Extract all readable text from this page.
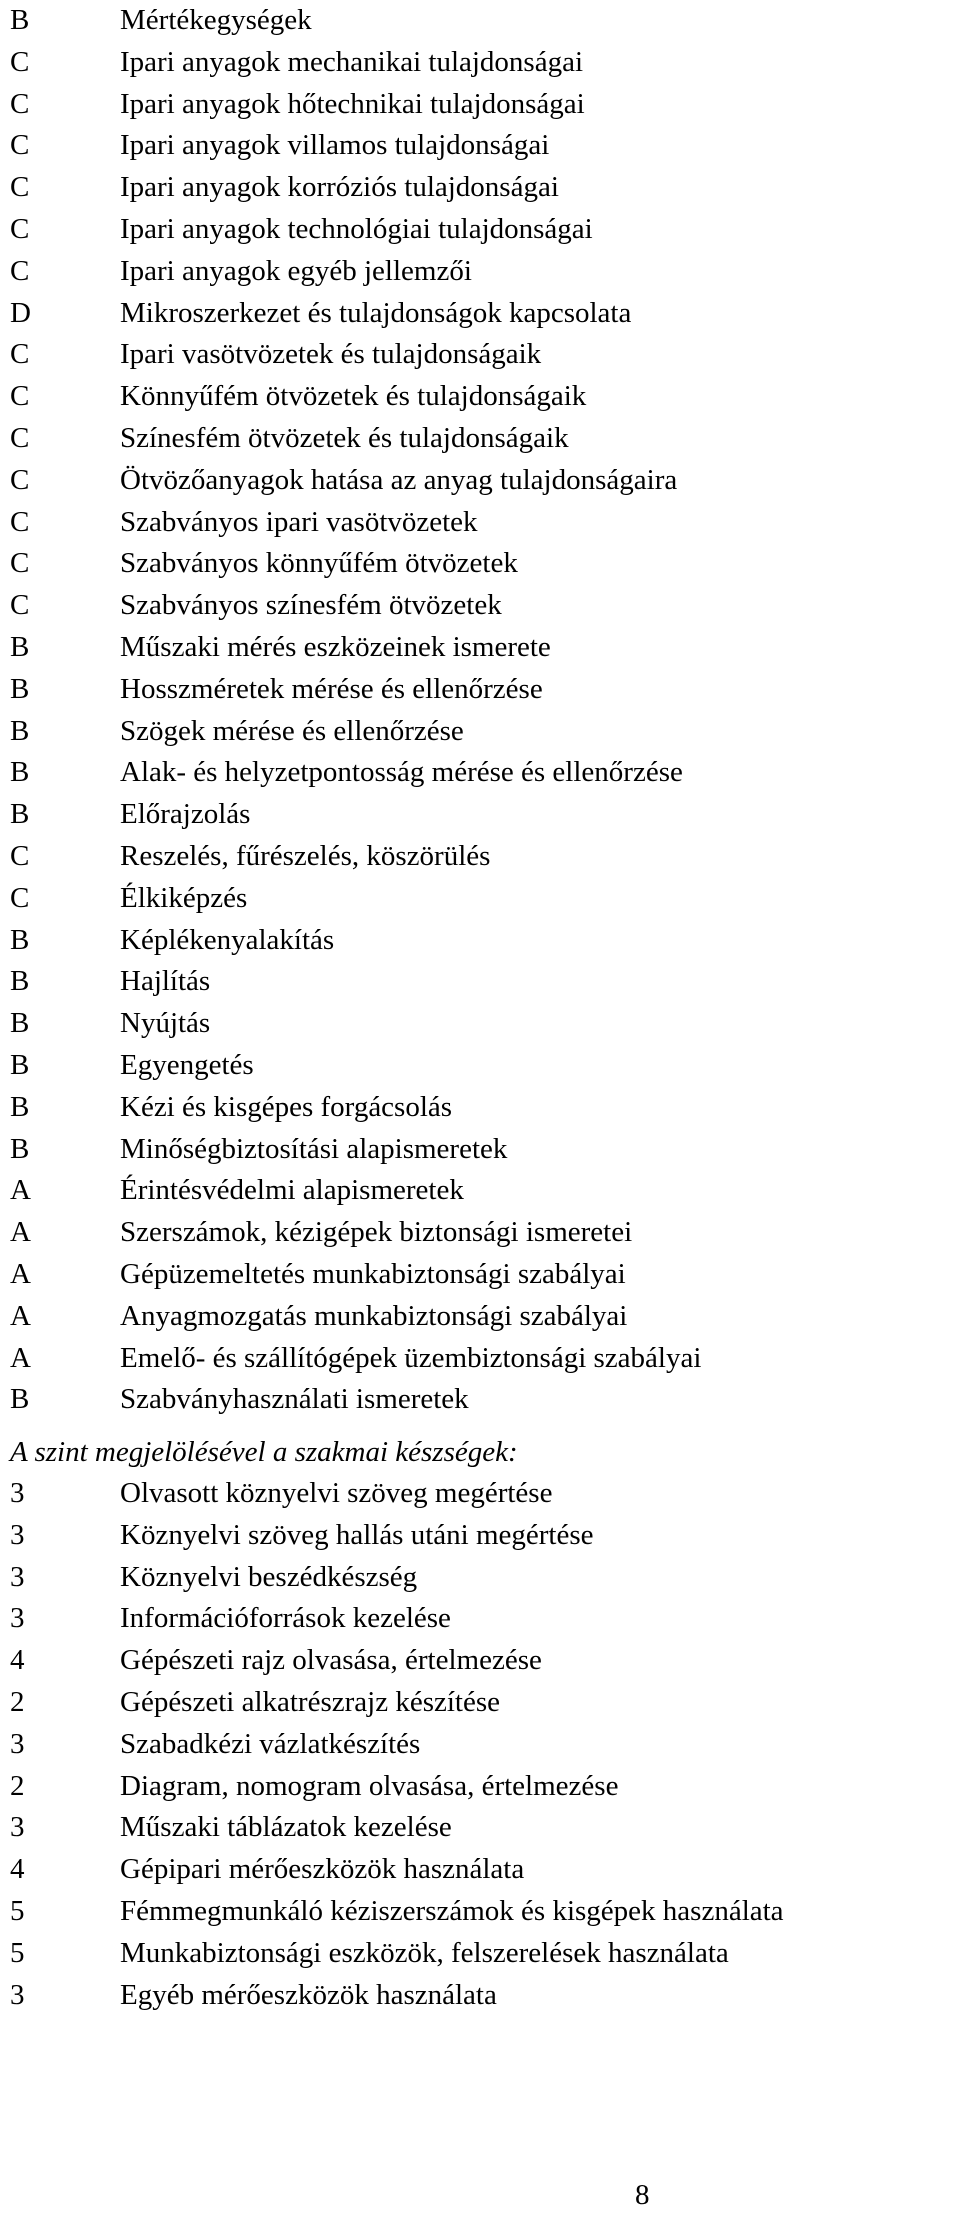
B	Mértékegységek
C	Ipari anyagok mechanikai tulajdonságai
C	Ipari anyagok hőtechnikai tulajdonságai
C	Ipari anyagok villamos tulajdonságai
C	Ipari anyagok korróziós tulajdonságai
C	Ipari anyagok technológiai tulajdonságai
C	Ipari anyagok egyéb jellemzői
D	Mikroszerkezet és tulajdonságok kapcsolata
C	Ipari vasötvözetek és tulajdonságaik
C	Könnyűfém ötvözetek és tulajdonságaik
C	Színesfém ötvözetek és tulajdonságaik
C	Ötvözőanyagok hatása az anyag tulajdonságaira
C	Szabványos ipari vasötvözetek
C	Szabványos könnyűfém ötvözetek
C	Szabványos színesfém ötvözetek
B	Műszaki mérés eszközeinek ismerete
B	Hosszméretek mérése és ellenőrzése
B	Szögek mérése és ellenőrzése
B	Alak- és helyzetpontosság mérése és ellenőrzése
B	Előrajzolás
C	Reszelés, fűrészelés, köszörülés
C	Élkiképzés
B	Képlékenyalakítás
B	Hajlítás
B	Nyújtás
B	Egyengetés
B	Kézi és kisgépes forgácsolás
B	Minőségbiztosítási alapismeretek
A	Érintésvédelmi alapismeretek
A	Szerszámok, kézigépek biztonsági ismeretei
A	Gépüzemeltetés munkabiztonsági szabályai
A	Anyagmozgatás munkabiztonsági szabályai
A	Emelő- és szállítógépek üzembiztonsági szabályai
B	Szabványhasználati ismeretek
A szint megjelölésével a szakmai készségek:
3	Olvasott köznyelvi szöveg megértése
3	Köznyelvi szöveg hallás utáni megértése
3	Köznyelvi beszédkészség
3	Információforrások kezelése
4	Gépészeti rajz olvasása, értelmezése
2	Gépészeti alkatrészrajz készítése
3	Szabadkézi vázlatkészítés
2	Diagram, nomogram olvasása, értelmezése
3	Műszaki táblázatok kezelése
4	Gépipari mérőeszközök használata
5	Fémmegmunkáló kéziszerszámok és kisgépek használata
5	Munkabiztonsági eszközök, felszerelések használata
3	Egyéb mérőeszközök használata
8
